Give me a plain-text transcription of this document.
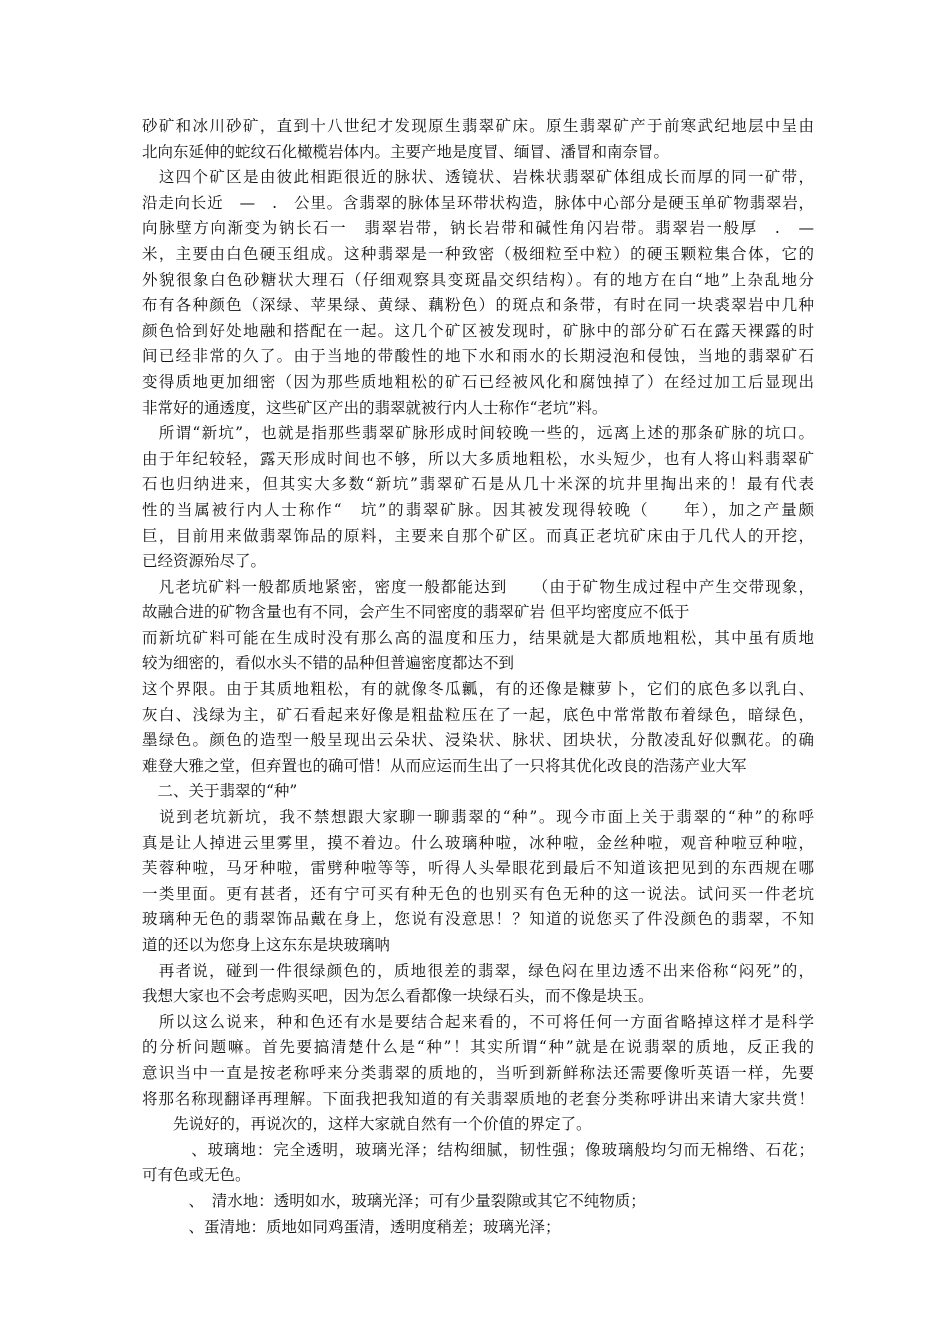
砂矿和冰川砂矿，直到十八世纪才发现原生翡翠矿床。原生翡翠矿产于前寒武纪地层中呈由
北向东延伸的蛇纹石化橄榄岩体内。主要产地是度冒、缅冒、潘冒和南奈冒。
　这四个矿区是由彼此相距很近的脉状、透镜状、岩株状翡翠矿体组成长而厚的同一矿带，
沿走向长近　—　.　公里。含翡翠的脉体呈环带状构造，脉体中心部分是硬玉单矿物翡翠岩，
向脉壁方向渐变为钠长石一　翡翠岩带，钠长岩带和碱性角闪岩带。翡翠岩一般厚　.　—
米，主要由白色硬玉组成。这种翡翠是一种致密（极细粒至中粒）的硬玉颗粒集合体，它的
外貌很象白色砂糖状大理石（仔细观察具变斑晶交织结构）。有的地方在白“地”上杂乱地分
布有各种颜色（深绿、苹果绿、黄绿、藕粉色）的斑点和条带，有时在同一块裘翠岩中几种
颜色恰到好处地融和搭配在一起。这几个矿区被发现时，矿脉中的部分矿石在露天裸露的时
间已经非常的久了。由于当地的带酸性的地下水和雨水的长期浸泡和侵蚀，当地的翡翠矿石
变得质地更加细密（因为那些质地粗松的矿石已经被风化和腐蚀掉了）在经过加工后显现出
非常好的通透度，这些矿区产出的翡翠就被行内人士称作“老坑”料。
　所谓“新坑”，也就是指那些翡翠矿脉形成时间较晚一些的，远离上述的那条矿脉的坑口。
由于年纪较轻，露天形成时间也不够，所以大多质地粗松，水头短少，也有人将山料翡翠矿
石也归纳进来，但其实大多数“新坑”翡翠矿石是从几十米深的坑井里掏出来的！最有代表
性的当属被行内人士称作“　坑”的翡翠矿脉。因其被发现得较晚（　　年），加之产量颇
巨，目前用来做翡翠饰品的原料，主要来自那个矿区。而真正老坑矿床由于几代人的开挖，
已经资源殆尽了。
　凡老坑矿料一般都质地紧密，密度一般都能达到　　（由于矿物生成过程中产生交带现象，
故融合进的矿物含量也有不同，会产生不同密度的翡翠矿岩 但平均密度应不低于
而新坑矿料可能在生成时没有那么高的温度和压力，结果就是大都质地粗松，其中虽有质地
较为细密的，看似水头不错的品种但普遍密度都达不到
这个界限。由于其质地粗松，有的就像冬瓜瓤，有的还像是糠萝卜，它们的底色多以乳白、
灰白、浅绿为主，矿石看起来好像是粗盐粒压在了一起，底色中常常散布着绿色，暗绿色，
墨绿色。颜色的造型一般呈现出云朵状、浸染状、脉状、团块状，分散凌乱好似飘花。的确
难登大雅之堂，但弃置也的确可惜！从而应运而生出了一只将其优化改良的浩荡产业大军
　二、关于翡翠的“种”
　说到老坑新坑，我不禁想跟大家聊一聊翡翠的“种”。现今市面上关于翡翠的“种”的称呼
真是让人掉进云里雾里，摸不着边。什么玻璃种啦，冰种啦，金丝种啦，观音种啦豆种啦，
芙蓉种啦，马牙种啦，雷劈种啦等等，听得人头晕眼花到最后不知道该把见到的东西规在哪
一类里面。更有甚者，还有宁可买有种无色的也别买有色无种的这一说法。试问买一件老坑
玻璃种无色的翡翠饰品戴在身上，您说有没意思！？知道的说您买了件没颜色的翡翠，不知
道的还以为您身上这东东是块玻璃呐
　再者说，碰到一件很绿颜色的，质地很差的翡翠，绿色闷在里边透不出来俗称“闷死”的，
我想大家也不会考虑购买吧，因为怎么看都像一块绿石头，而不像是块玉。
　所以这么说来，种和色还有水是要结合起来看的，不可将任何一方面省略掉这样才是科学
的分析问题嘛。首先要搞清楚什么是“种”！其实所谓“种”就是在说翡翠的质地，反正我的
意识当中一直是按老称呼来分类翡翠的质地的，当听到新鲜称法还需要像听英语一样，先要
将那名称现翻译再理解。下面我把我知道的有关翡翠质地的老套分类称呼讲出来请大家共赏！
　　先说好的，再说次的，这样大家就自然有一个价值的界定了。
　　　、玻璃地：完全透明，玻璃光泽；结构细腻，韧性强；像玻璃般均匀而无棉绺、石花；
可有色或无色。
　　　、　清水地：透明如水，玻璃光泽；可有少量裂隙或其它不纯物质；
　　　、蛋清地：质地如同鸡蛋清，透明度稍差；玻璃光泽；
